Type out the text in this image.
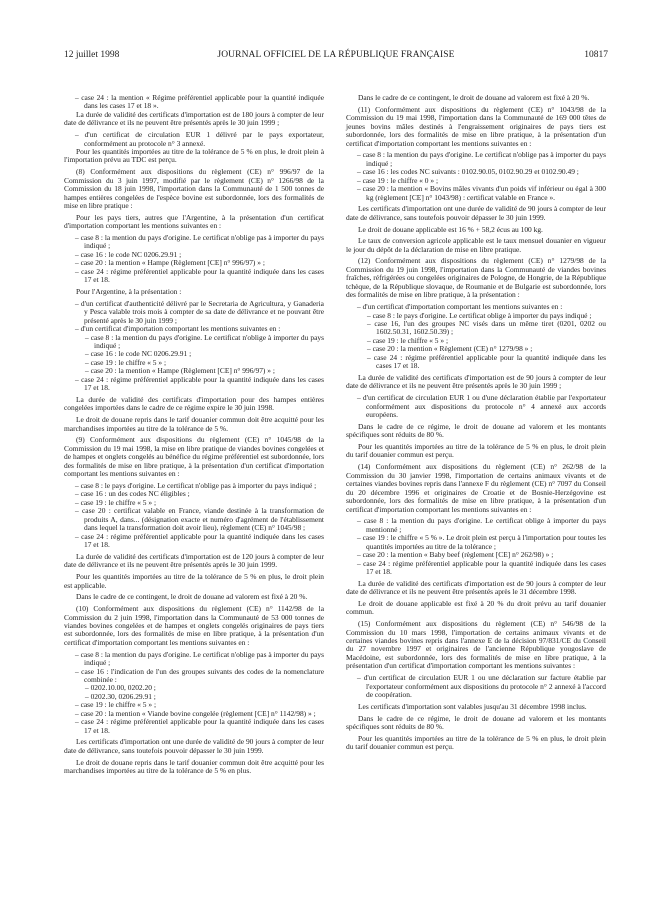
12 juillet 1998	JOURNAL OFFICIEL DE LA RÉPUBLIQUE FRANÇAISE	10817
– case 24 : la mention « Régime préférentiel applicable pour la quantité indiquée dans les cases 17 et 18 ».
La durée de validité des certificats d'importation est de 180 jours à compter de leur date de délivrance et ils ne peuvent être présentés après le 30 juin 1999 ;
– d'un certificat de circulation EUR 1 délivré par le pays exportateur, conformément au protocole n° 3 annexé.
Pour les quantités importées au titre de la tolérance de 5 % en plus, le droit plein à l'importation prévu au TDC est perçu.
(8) Conformément aux dispositions du règlement (CE) n° 996/97 de la Commission du 3 juin 1997, modifié par le règlement (CE) n° 1266/98 de la Commission du 18 juin 1998, l'importation dans la Communauté de 1 500 tonnes de hampes entières congelées de l'espèce bovine est subordonnée, lors des formalités de mise en libre pratique :
Pour les pays tiers, autres que l'Argentine, à la présentation d'un certificat d'importation comportant les mentions suivantes en :
– case 8 : la mention du pays d'origine. Le certificat n'oblige pas à importer du pays indiqué ;
– case 16 : le code NC 0206.29.91 ;
– case 20 : la mention « Hampe (Règlement [CE] n° 996/97) » ;
– case 24 : régime préférentiel applicable pour la quantité indiquée dans les cases 17 et 18.
Pour l'Argentine, à la présentation :
– d'un certificat d'authenticité délivré par le Secretaria de Agricultura, y Ganaderia y Pesca valable trois mois à compter de sa date de délivrance et ne pouvant être présenté après le 30 juin 1999 ;
– d'un certificat d'importation comportant les mentions suivantes en :
– case 8 : la mention du pays d'origine. Le certificat n'oblige à importer du pays indiqué ;
– case 16 : le code NC 0206.29.91 ;
– case 19 : le chiffre « 5 » ;
– case 20 : la mention « Hampe (Règlement [CE] n° 996/97) » ;
– case 24 : régime préférentiel applicable pour la quantité indiquée dans les cases 17 et 18.
La durée de validité des certificats d'importation pour des hampes entières congelées importées dans le cadre de ce régime expire le 30 juin 1998.
Le droit de douane repris dans le tarif douanier commun doit être acquitté pour les marchandises importées au titre de la tolérance de 5 %.
(9) Conformément aux dispositions du règlement (CE) n° 1045/98 de la Commission du 19 mai 1998, la mise en libre pratique de viandes bovines congelées et de hampes et onglets congelés au bénéfice du régime préférentiel est subordonnée, lors des formalités de mise en libre pratique, à la présentation d'un certificat d'importation comportant les mentions suivantes en :
– case 8 : le pays d'origine. Le certificat n'oblige pas à importer du pays indiqué ;
– case 16 : un des codes NC éligibles ;
– case 19 : le chiffre « 5 » ;
– case 20 : certificat valable en France, viande destinée à la transformation de produits A, dans... (désignation exacte et numéro d'agrément de l'établissement dans lequel la transformation doit avoir lieu), règlement (CE) n° 1045/98 ;
– case 24 : régime préférentiel applicable pour la quantité indiquée dans les cases 17 et 18.
La durée de validité des certificats d'importation est de 120 jours à compter de leur date de délivrance et ils ne peuvent être présentés après le 30 juin 1999.
Pour les quantités importées au titre de la tolérance de 5 % en plus, le droit plein est applicable.
Dans le cadre de ce contingent, le droit de douane ad valorem est fixé à 20 %.
(10) Conformément aux dispositions du règlement (CE) n° 1142/98 de la Commission du 2 juin 1998, l'importation dans la Communauté de 53 000 tonnes de viandes bovines congelées et de hampes et onglets congelés originaires de pays tiers est subordonnée, lors des formalités de mise en libre pratique, à la présentation d'un certificat d'importation comportant les mentions suivantes en :
– case 8 : la mention du pays d'origine. Le certificat n'oblige pas à importer du pays indiqué ;
– case 16 : l'indication de l'un des groupes suivants des codes de la nomenclature combinée :
– 0202.10.00, 0202.20 ;
– 0202.30, 0206.29.91 ;
– case 19 : le chiffre « 5 » ;
– case 20 : la mention « Viande bovine congelée (règlement [CE] n° 1142/98) » ;
– case 24 : régime préférentiel applicable pour la quantité indiquée dans les cases 17 et 18.
Les certificats d'importation ont une durée de validité de 90 jours à compter de leur date de délivrance, sans toutefois pouvoir dépasser le 30 juin 1999.
Le droit de douane repris dans le tarif douanier commun doit être acquitté pour les marchandises importées au titre de la tolérance de 5 % en plus.
Dans le cadre de ce contingent, le droit de douane ad valorem est fixé à 20 %.
(11) Conformément aux dispositions du règlement (CE) n° 1043/98 de la Commission du 19 mai 1998, l'importation dans la Communauté de 169 000 têtes de jeunes bovins mâles destinés à l'engraissement originaires de pays tiers est subordonnée, lors des formalités de mise en libre pratique, à la présentation d'un certificat d'importation comportant les mentions suivantes en :
– case 8 : la mention du pays d'origine. Le certificat n'oblige pas à importer du pays indiqué ;
– case 16 : les codes NC suivants : 0102.90.05, 0102.90.29 et 0102.90.49 ;
– case 19 : le chiffre « 0 » ;
– case 20 : la mention « Bovins mâles vivants d'un poids vif inférieur ou égal à 300 kg (règlement [CE] n° 1043/98) : certificat valable en France ».
Les certificats d'importation ont une durée de validité de 90 jours à compter de leur date de délivrance, sans toutefois pouvoir dépasser le 30 juin 1999.
Le droit de douane applicable est 16 % + 58,2 écus au 100 kg.
Le taux de conversion agricole applicable est le taux mensuel douanier en vigueur le jour du dépôt de la déclaration de mise en libre pratique.
(12) Conformément aux dispositions du règlement (CE) n° 1279/98 de la Commission du 19 juin 1998, l'importation dans la Communauté de viandes bovines fraîches, réfrigérées ou congelées originaires de Pologne, de Hongrie, de la République tchèque, de la République slovaque, de Roumanie et de Bulgarie est subordonnée, lors des formalités de mise en libre pratique, à la présentation :
– d'un certificat d'importation comportant les mentions suivantes en :
– case 8 : le pays d'origine. Le certificat oblige à importer du pays indiqué ;
– case 16, l'un des groupes NC visés dans un même tiret (0201, 0202 ou 1602.50.31, 1602.50.39) ;
– case 19 : le chiffre « 5 » ;
– case 20 : la mention « Règlement (CE) n° 1279/98 » ;
– case 24 : régime préférentiel applicable pour la quantité indiquée dans les cases 17 et 18.
La durée de validité des certificats d'importation est de 90 jours à compter de leur date de délivrance et ils ne peuvent être présentés après le 30 juin 1999 ;
– d'un certificat de circulation EUR 1 ou d'une déclaration établie par l'exportateur conformément aux dispositions du protocole n° 4 annexé aux accords européens.
Dans le cadre de ce régime, le droit de douane ad valorem et les montants spécifiques sont réduits de 80 %.
Pour les quantités importées au titre de la tolérance de 5 % en plus, le droit plein du tarif douanier commun est perçu.
(14) Conformément aux dispositions du règlement (CE) n° 262/98 de la Commission du 30 janvier 1998, l'importation de certains animaux vivants et de certaines viandes bovines repris dans l'annexe F du règlement (CE) n° 7097 du Conseil du 20 décembre 1996 et originaires de Croatie et de Bosnie-Herzégovine est subordonnée, lors des formalités de mise en libre pratique, à la présentation d'un certificat d'importation comportant les mentions suivantes en :
– case 8 : la mention du pays d'origine. Le certificat oblige à importer du pays mentionné ;
– case 19 : le chiffre « 5 % ». Le droit plein est perçu à l'importation pour toutes les quantités importées au titre de la tolérance ;
– case 20 : la mention « Baby beef (règlement [CE] n° 262/98) » ;
– case 24 : régime préférentiel applicable pour la quantité indiquée dans les cases 17 et 18.
La durée de validité des certificats d'importation est de 90 jours à compter de leur date de délivrance et ils ne peuvent être présentés après le 31 décembre 1998.
Le droit de douane applicable est fixé à 20 % du droit prévu au tarif douanier commun.
(15) Conformément aux dispositions du règlement (CE) n° 546/98 de la Commission du 10 mars 1998, l'importation de certains animaux vivants et de certaines viandes bovines repris dans l'annexe E de la décision 97/831/CE du Conseil du 27 novembre 1997 et originaires de l'ancienne République yougoslave de Macédoine, est subordonnée, lors des formalités de mise en libre pratique, à la présentation d'un certificat d'importation comportant les mentions suivantes :
– d'un certificat de circulation EUR 1 ou une déclaration sur facture établie par l'exportateur conformément aux dispositions du protocole n° 2 annexé à l'accord de coopération.
Les certificats d'importation sont valables jusqu'au 31 décembre 1998 inclus.
Dans le cadre de ce régime, le droit de douane ad valorem et les montants spécifiques sont réduits de 80 %.
Pour les quantités importées au titre de la tolérance de 5 % en plus, le droit plein du tarif douanier commun est perçu.
